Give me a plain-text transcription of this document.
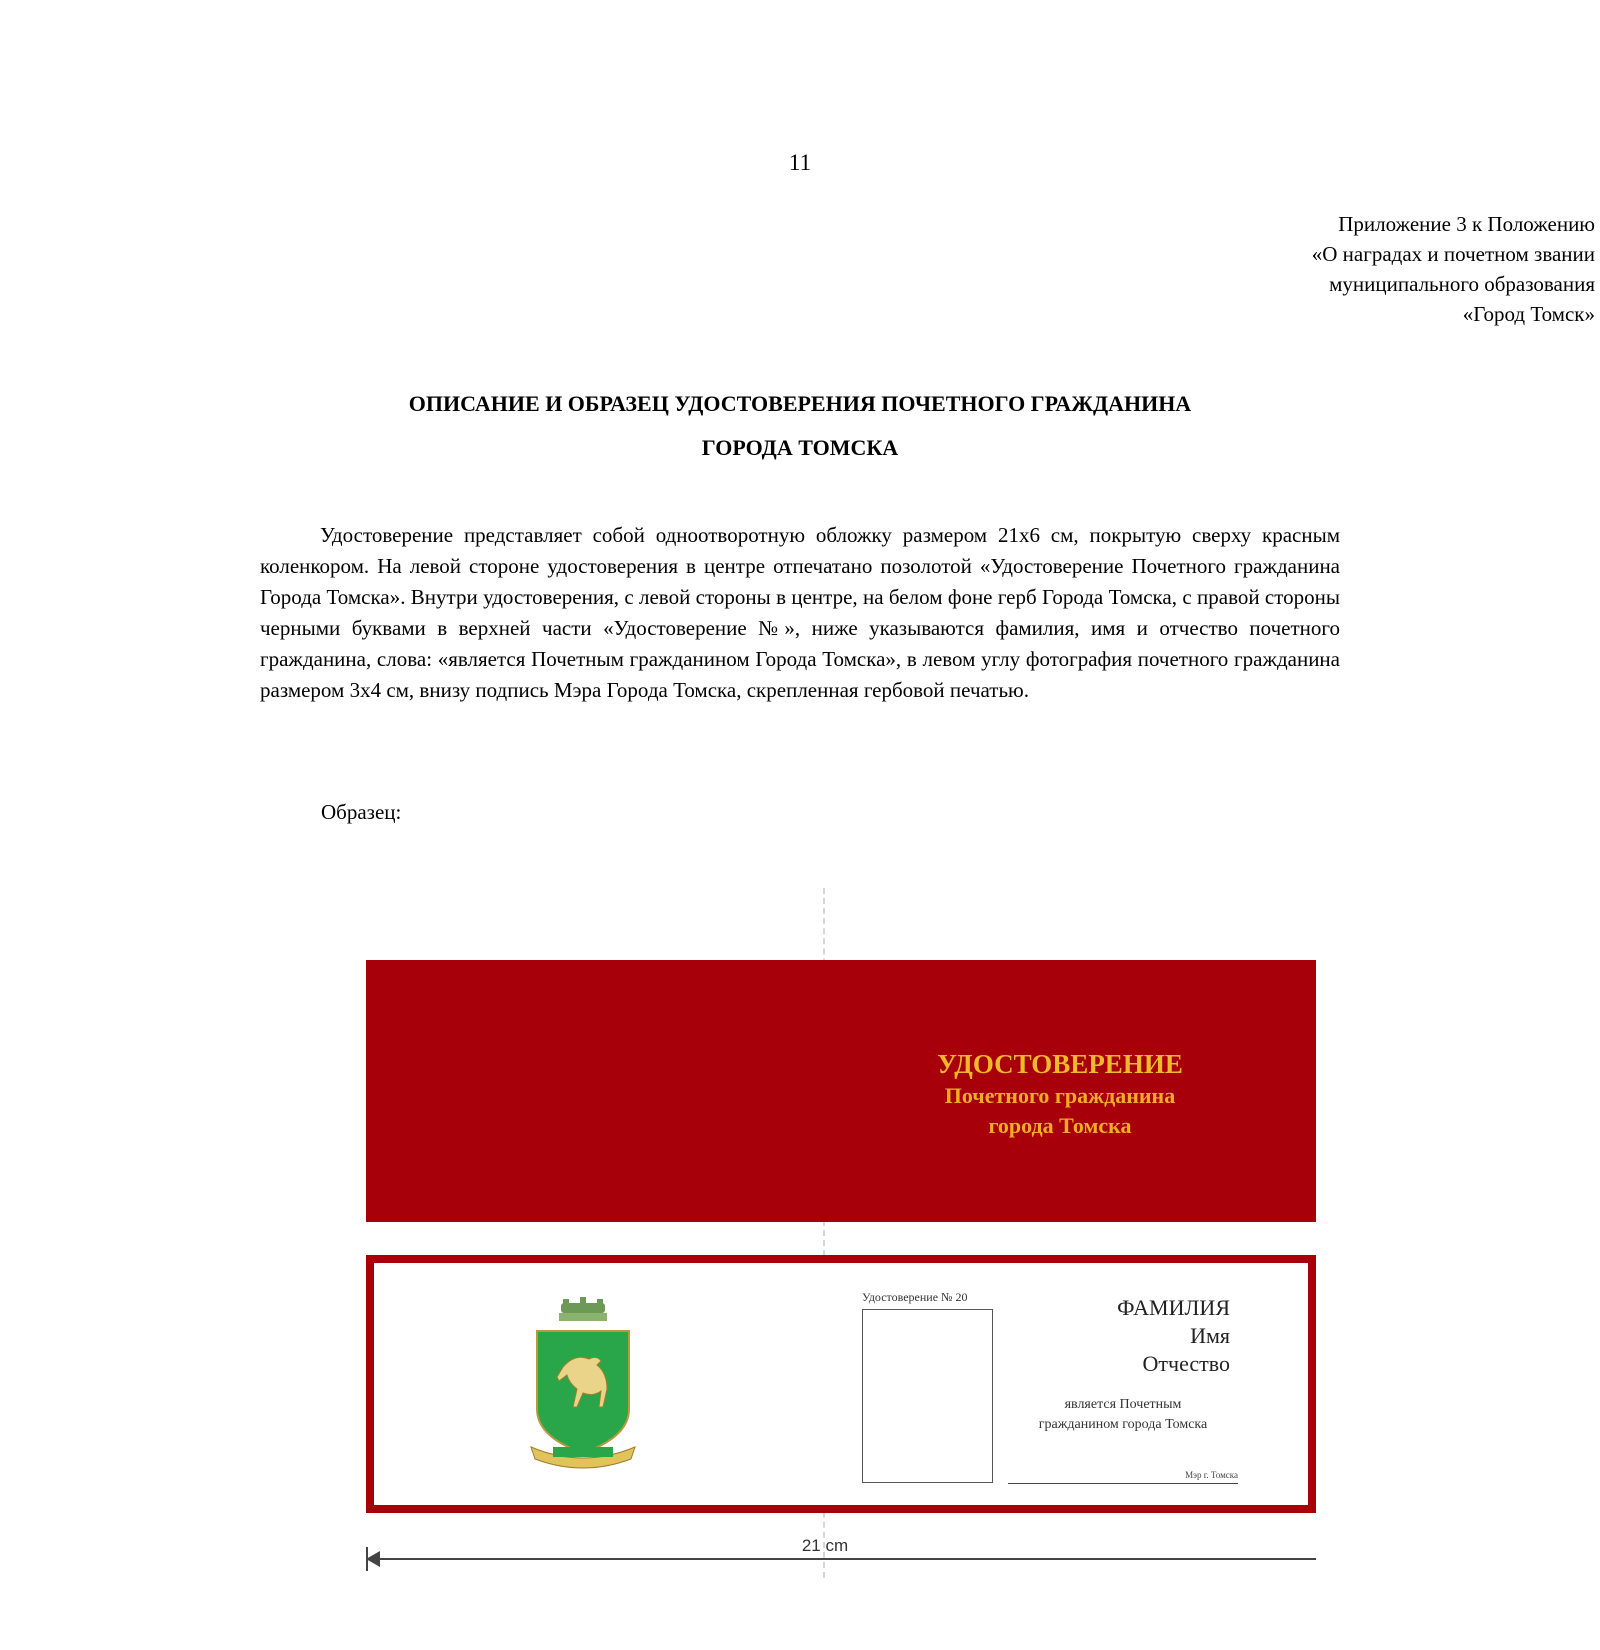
11
Приложение 3 к Положению
«О наградах и почетном звании
муниципального образования
«Город Томск»
ОПИСАНИЕ И ОБРАЗЕЦ УДОСТОВЕРЕНИЯ ПОЧЕТНОГО ГРАЖДАНИНА
ГОРОДА ТОМСКА

Удостоверение представляет собой одноотворотную обложку размером 21х6 см, покрытую сверху красным коленкором. На левой стороне удостоверения в центре отпечатано позолотой «Удостоверение Почетного гражданина Города Томска». Внутри удостоверения, с левой стороны в центре, на белом фоне герб Города Томска, с правой стороны черными буквами в верхней части «Удостоверение №», ниже указываются фамилия, имя и отчество почетного гражданина, слова: «является Почетным гражданином Города Томска», в левом углу фотография почетного гражданина размером 3х4 см, внизу подпись Мэра Города Томска, скрепленная гербовой печатью.

Образец:
УДОСТОВЕРЕНИЕ
Почетного гражданина
города Томска
Удостоверение № 20	ФАМИЛИЯ
Имя
Отчество
является Почетным
гражданином города Томска
Мэр г. Томска
21 cm
